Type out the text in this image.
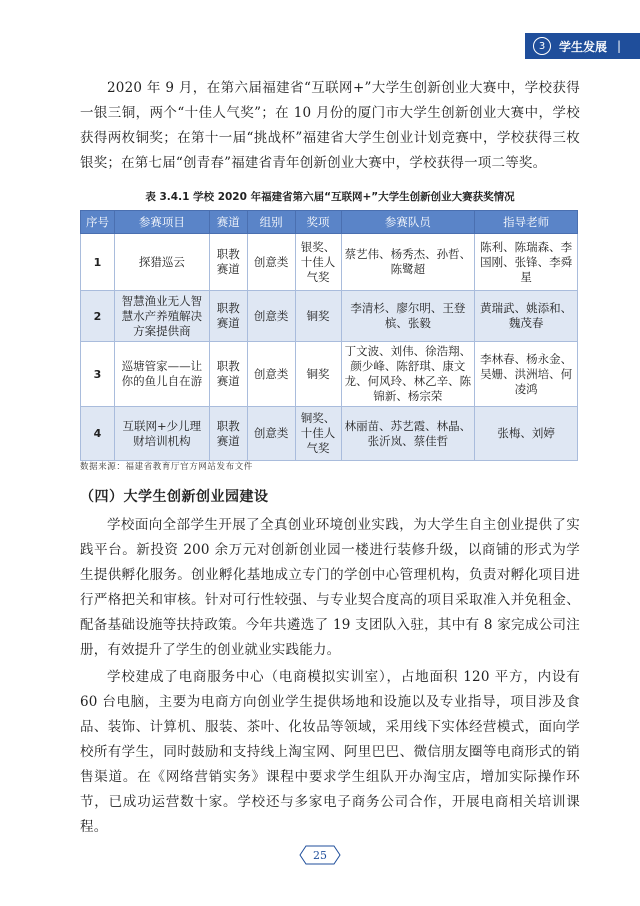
3	学生发展 |

2020 年 9 月，在第六届福建省“互联网+”大学生创新创业大赛中，学校获得一银三铜，两个“十佳人气奖”；在 10 月份的厦门市大学生创新创业大赛中，学校获得两枚铜奖；在第十一届“挑战杯”福建省大学生创业计划竞赛中，学校获得三枚银奖；在第七届“创青春”福建省青年创新创业大赛中，学校获得一项二等奖。

表 3.4.1 学校 2020 年福建省第六届“互联网+”大学生创新创业大赛获奖情况
序号	参赛项目	赛道	组别	奖项	参赛队员	指导老师
1	探猎巡云	职教赛道	创意类	银奖、十佳人气奖	蔡艺伟、杨秀杰、孙哲、陈鹭超	陈利、陈瑞森、李国刚、张锋、李舜星
2	智慧渔业无人智慧水产养殖解决方案提供商	职教赛道	创意类	铜奖	李清杉、廖尔明、王登槟、张毅	黄瑞武、姚添和、魏茂春
3	巡塘管家——让你的鱼儿自在游	职教赛道	创意类	铜奖	丁文波、刘伟、徐浩翔、颜少峰、陈舒琪、康文龙、何风玲、林乙辛、陈锦新、杨宗荣	李林春、杨永金、吴姗、洪洲培、何凌鸿
4	互联网+少儿理财培训机构	职教赛道	创意类	铜奖、十佳人气奖	林丽苗、苏艺霞、林晶、张沂岚、蔡佳哲	张梅、刘婷
数据来源：福建省教育厅官方网站发布文件
（四）大学生创新创业园建设

学校面向全部学生开展了全真创业环境创业实践，为大学生自主创业提供了实践平台。新投资 200 余万元对创新创业园一楼进行装修升级，以商铺的形式为学生提供孵化服务。创业孵化基地成立专门的学创中心管理机构，负责对孵化项目进行严格把关和审核。针对可行性较强、与专业契合度高的项目采取准入并免租金、配备基础设施等扶持政策。今年共遴选了 19 支团队入驻，其中有 8 家完成公司注册，有效提升了学生的创业就业实践能力。

学校建成了电商服务中心（电商模拟实训室），占地面积 120 平方，内设有 60 台电脑，主要为电商方向创业学生提供场地和设施以及专业指导，项目涉及食品、装饰、计算机、服装、茶叶、化妆品等领域，采用线下实体经营模式，面向学校所有学生，同时鼓励和支持线上淘宝网、阿里巴巴、微信朋友圈等电商形式的销售渠道。在《网络营销实务》课程中要求学生组队开办淘宝店，增加实际操作环节，已成功运营数十家。学校还与多家电子商务公司合作，开展电商相关培训课程。

25
